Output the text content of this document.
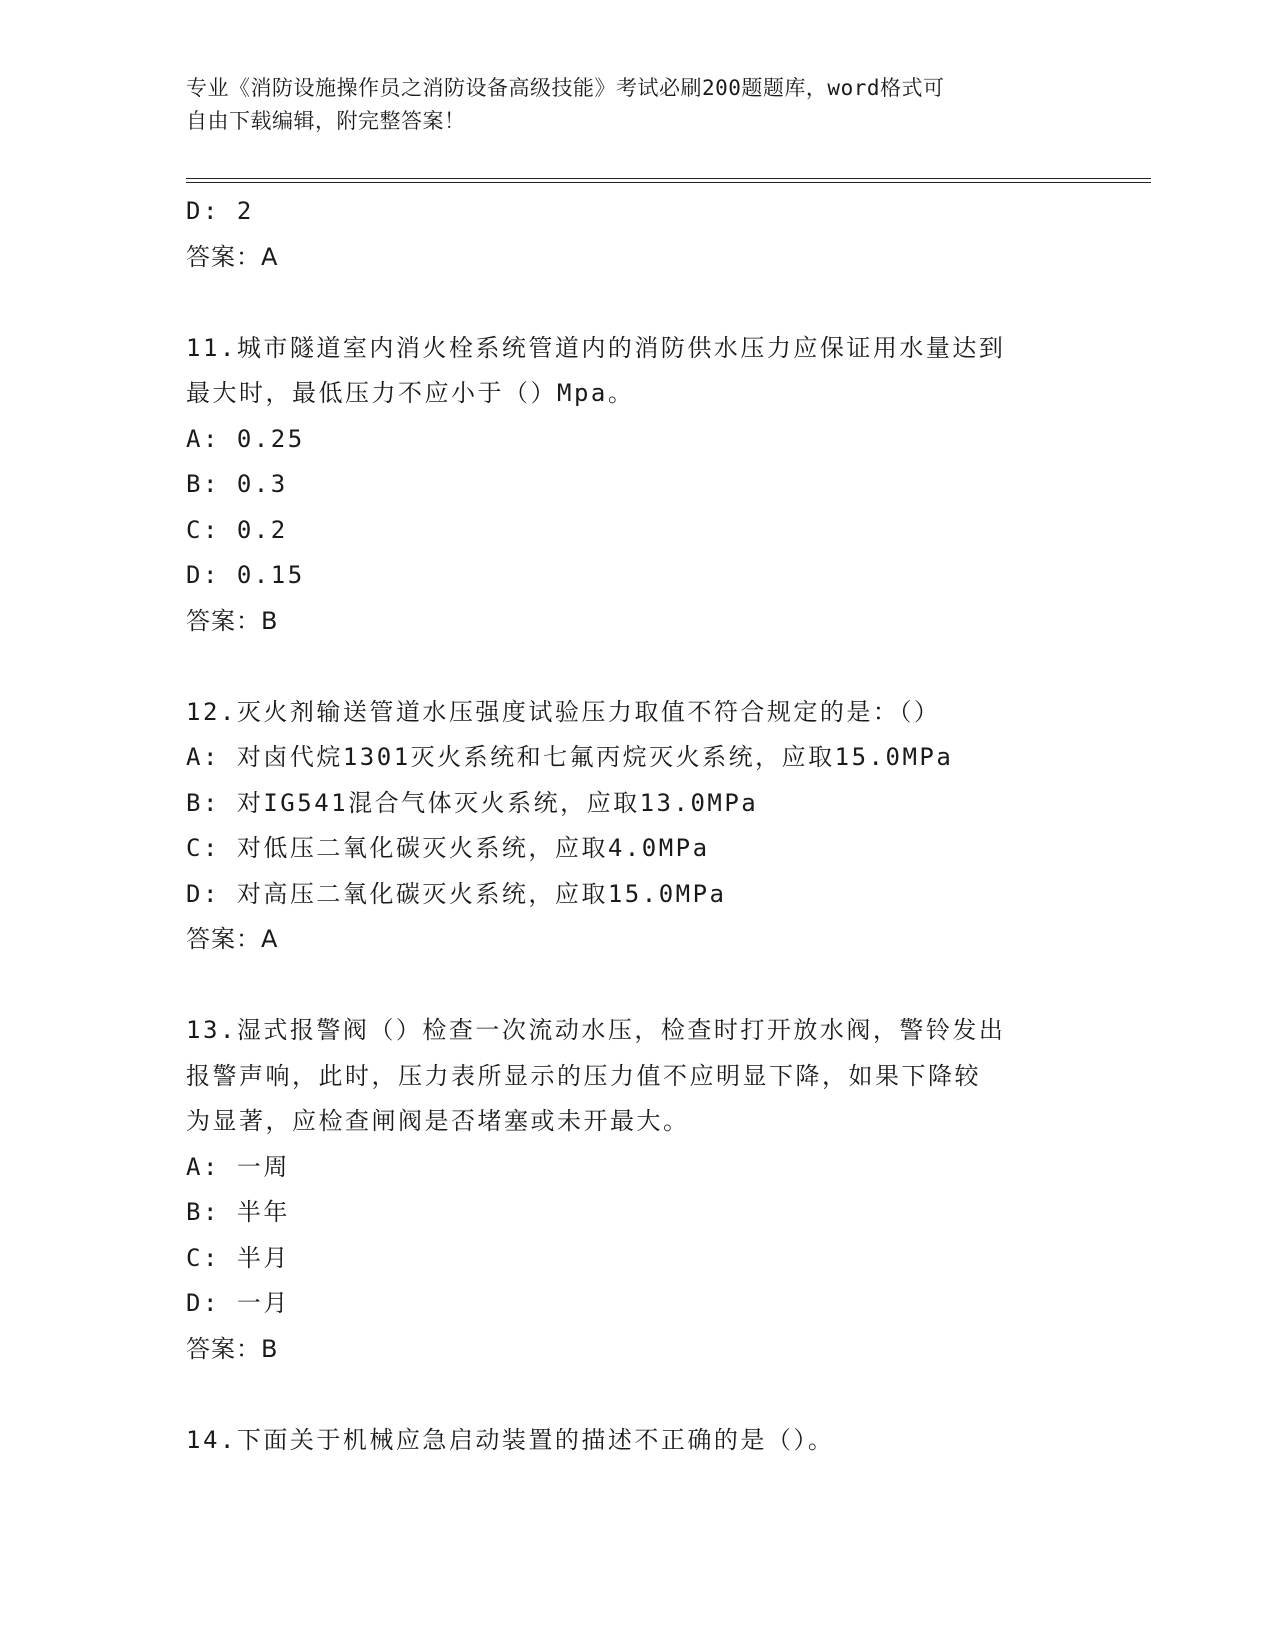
专业《消防设施操作员之消防设备高级技能》考试必刷200题题库，word格式可
自由下载编辑，附完整答案！
D: 2
答案：A
11.城市隧道室内消火栓系统管道内的消防供水压力应保证用水量达到
最大时，最低压力不应小于（）Mpa。
A: 0.25
B: 0.3
C: 0.2
D: 0.15
答案：B
12.灭火剂输送管道水压强度试验压力取值不符合规定的是：（）
A: 对卤代烷1301灭火系统和七氟丙烷灭火系统，应取15.0MPa
B: 对IG541混合气体灭火系统，应取13.0MPa
C: 对低压二氧化碳灭火系统，应取4.0MPa
D: 对高压二氧化碳灭火系统，应取15.0MPa
答案：A
13.湿式报警阀（）检查一次流动水压，检查时打开放水阀，警铃发出
报警声响，此时，压力表所显示的压力值不应明显下降，如果下降较
为显著，应检查闸阀是否堵塞或未开最大。
A: 一周
B: 半年
C: 半月
D: 一月
答案：B
14.下面关于机械应急启动装置的描述不正确的是（）。
